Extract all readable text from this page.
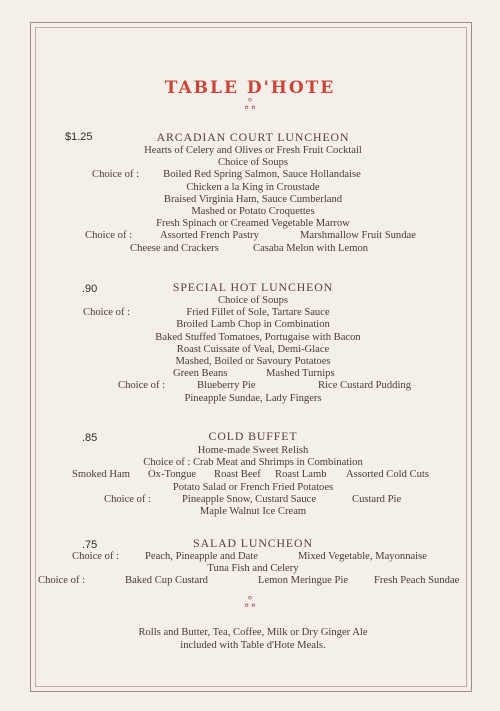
TABLE D'HOTE
ஃ
$1.25	ARCADIAN COURT LUNCHEON
Hearts of Celery and Olives or Fresh Fruit Cocktail
Choice of Soups
Choice of : Boiled Red Spring Salmon, Sauce Hollandaise
Chicken a la King in Croustade
Braised Virginia Ham, Sauce Cumberland
Mashed or Potato Croquettes
Fresh Spinach or Creamed Vegetable Marrow
Choice of :	Assorted French Pastry	Marshmallow Fruit Sundae
Cheese and Crackers	Casaba Melon with Lemon
.90	SPECIAL HOT LUNCHEON
Choice of Soups
Choice of :	Fried Fillet of Sole, Tartare Sauce
Broiled Lamb Chop in Combination
Baked Stuffed Tomatoes, Portugaise with Bacon
Roast Cuissate of Veal, Demi-Glace
Mashed, Boiled or Savoury Potatoes
Green Beans	Mashed Turnips
Choice of :	Blueberry Pie	Rice Custard Pudding
Pineapple Sundae, Lady Fingers
.85	COLD BUFFET
Home-made Sweet Relish
Choice of : Crab Meat and Shrimps in Combination
Smoked Ham Ox-Tongue Roast Beef Roast Lamb Assorted Cold Cuts
Potato Salad or French Fried Potatoes
Choice of :	Pineapple Snow, Custard Sauce	Custard Pie
Maple Walnut Ice Cream
.75	SALAD LUNCHEON
Choice of : Peach, Pineapple and Date	Mixed Vegetable, Mayonnaise
Tuna Fish and Celery
Choice of :	Baked Cup Custard	Lemon Meringue Pie Fresh Peach Sundae
ஃ
Rolls and Butter, Tea, Coffee, Milk or Dry Ginger Ale
included with Table d'Hote Meals.
